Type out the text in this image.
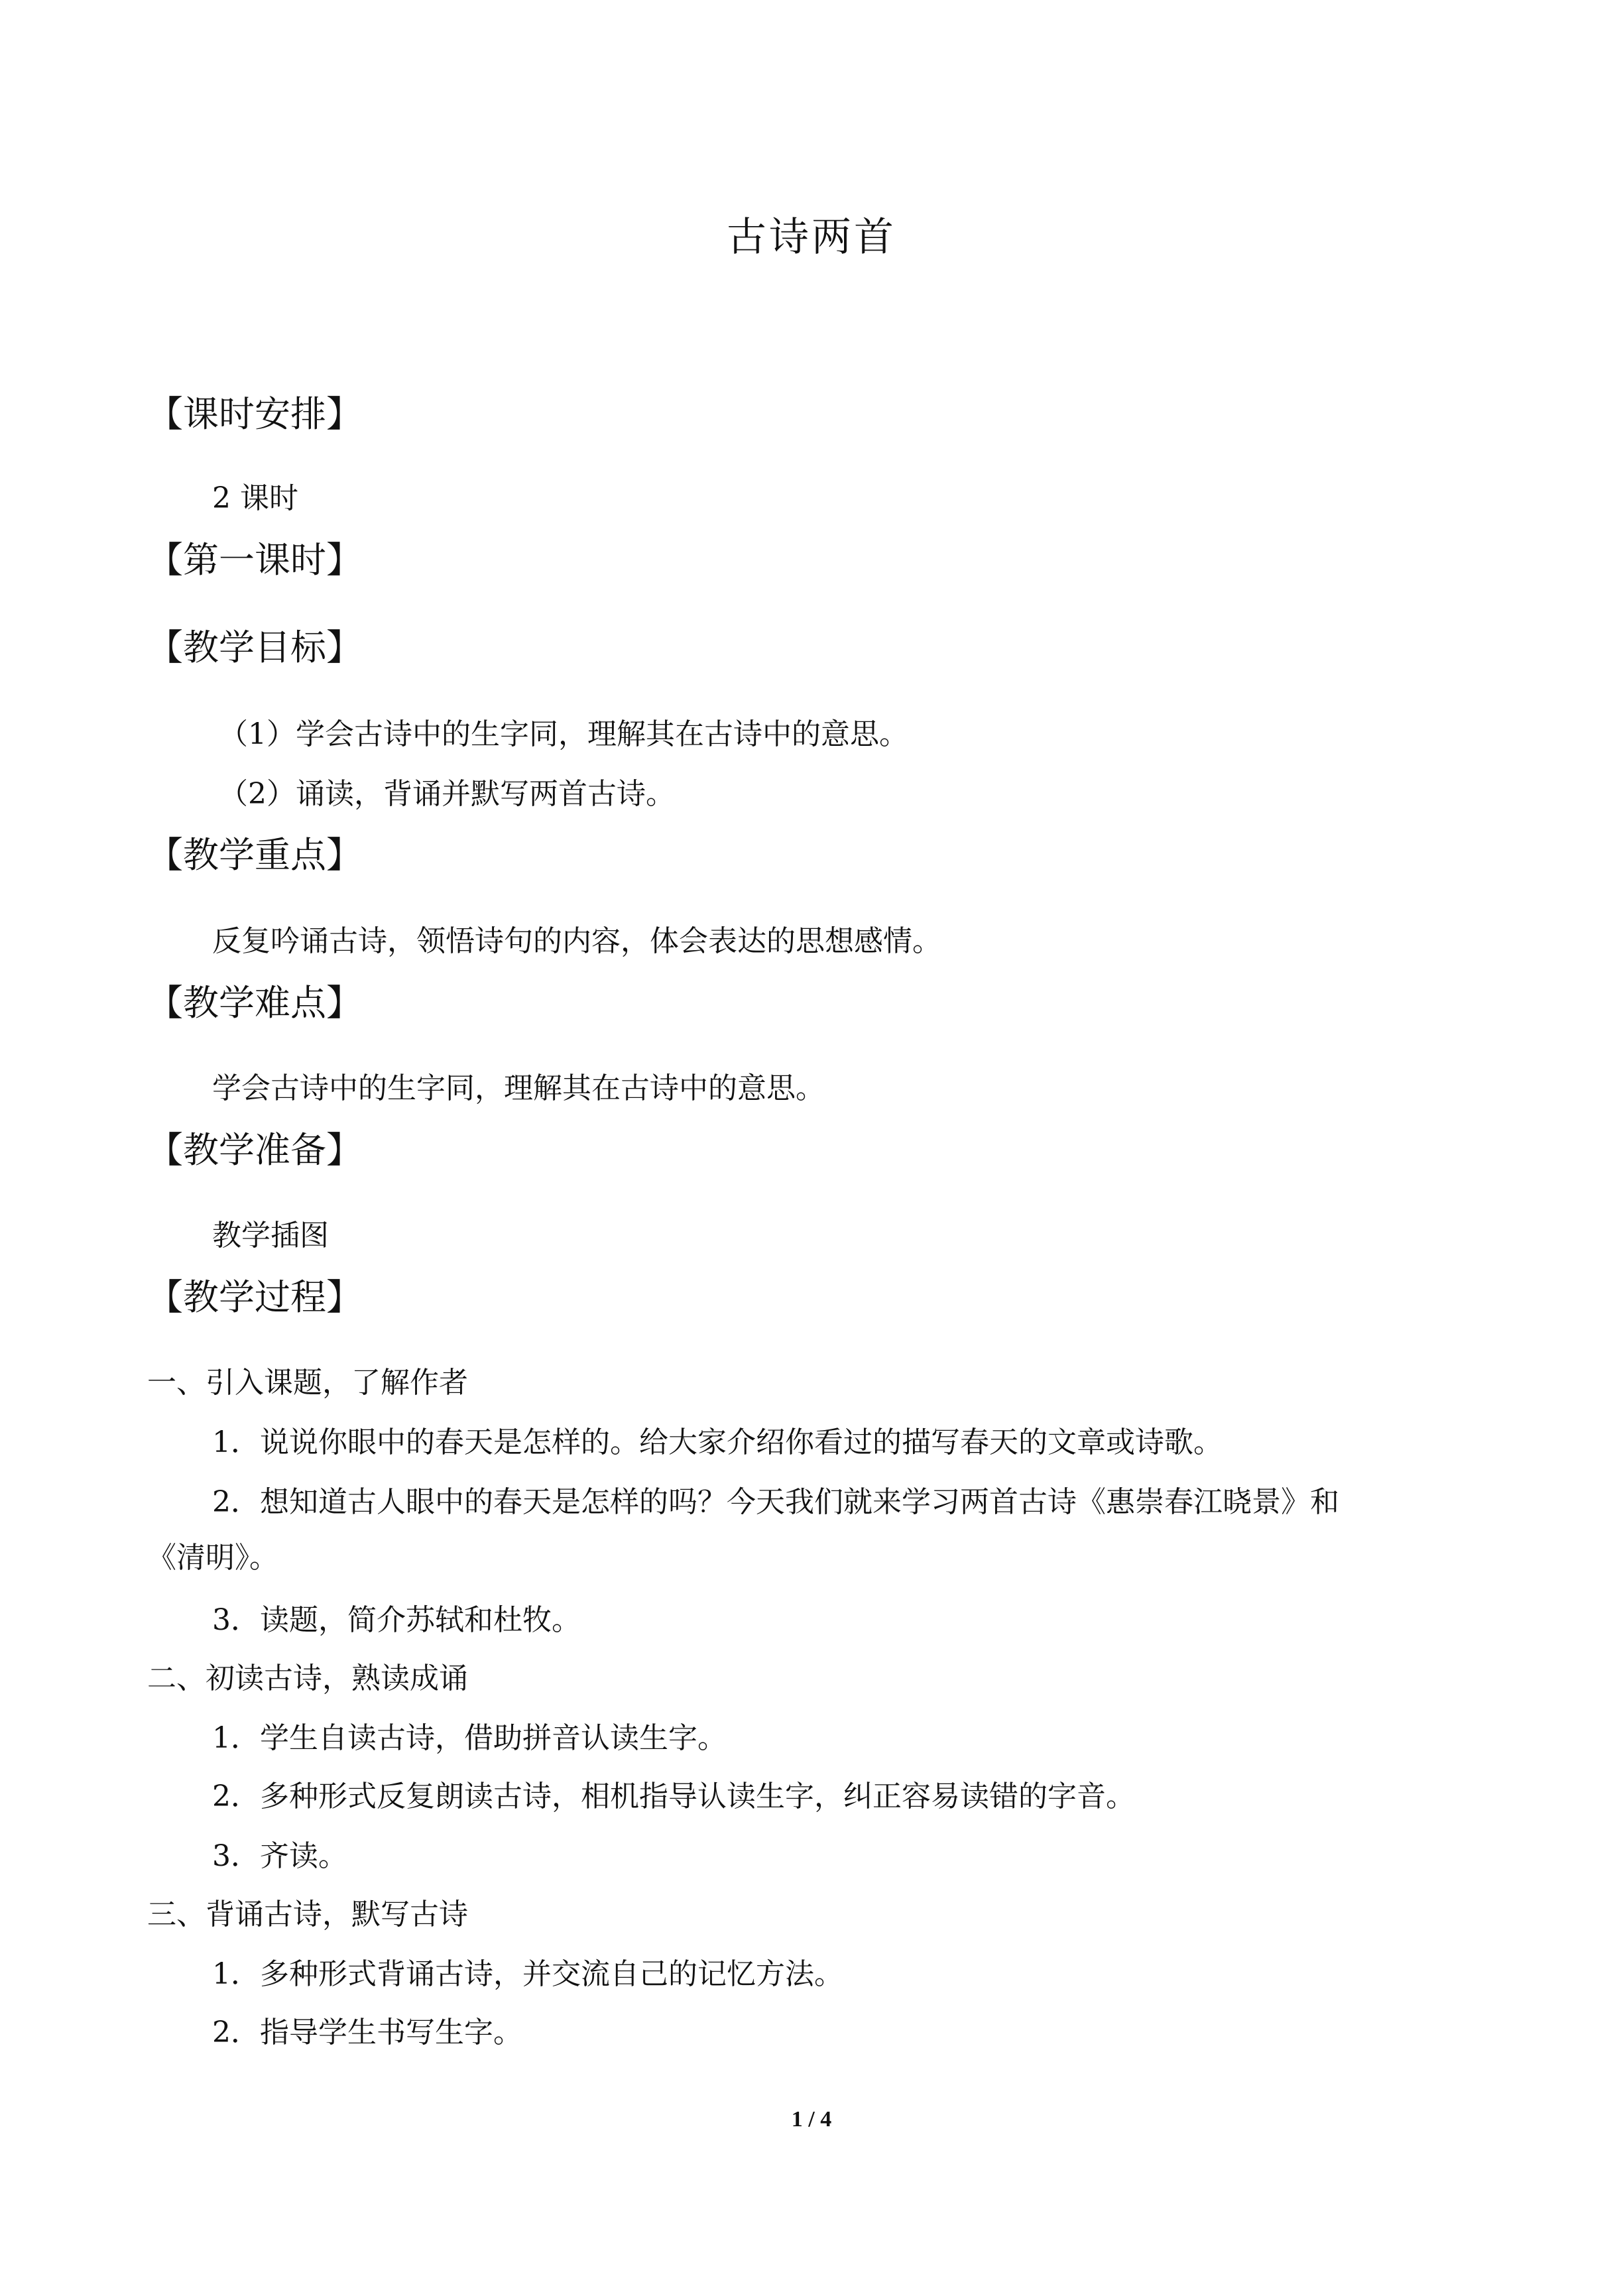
古诗两首
【课时安排】
2 课时
【第一课时】
【教学目标】
（1）学会古诗中的生字同，理解其在古诗中的意思。
（2）诵读，背诵并默写两首古诗。
【教学重点】
反复吟诵古诗，领悟诗句的内容，体会表达的思想感情。
【教学难点】
学会古诗中的生字同，理解其在古诗中的意思。
【教学准备】
教学插图
【教学过程】
一、引入课题，了解作者
1．说说你眼中的春天是怎样的。给大家介绍你看过的描写春天的文章或诗歌。
2．想知道古人眼中的春天是怎样的吗？今天我们就来学习两首古诗《惠崇春江晓景》和
《清明》。
3．读题，简介苏轼和杜牧。
二、初读古诗，熟读成诵
1．学生自读古诗，借助拼音认读生字。
2．多种形式反复朗读古诗，相机指导认读生字，纠正容易读错的字音。
3．齐读。
三、背诵古诗，默写古诗
1．多种形式背诵古诗，并交流自己的记忆方法。
2．指导学生书写生字。
1 / 4
